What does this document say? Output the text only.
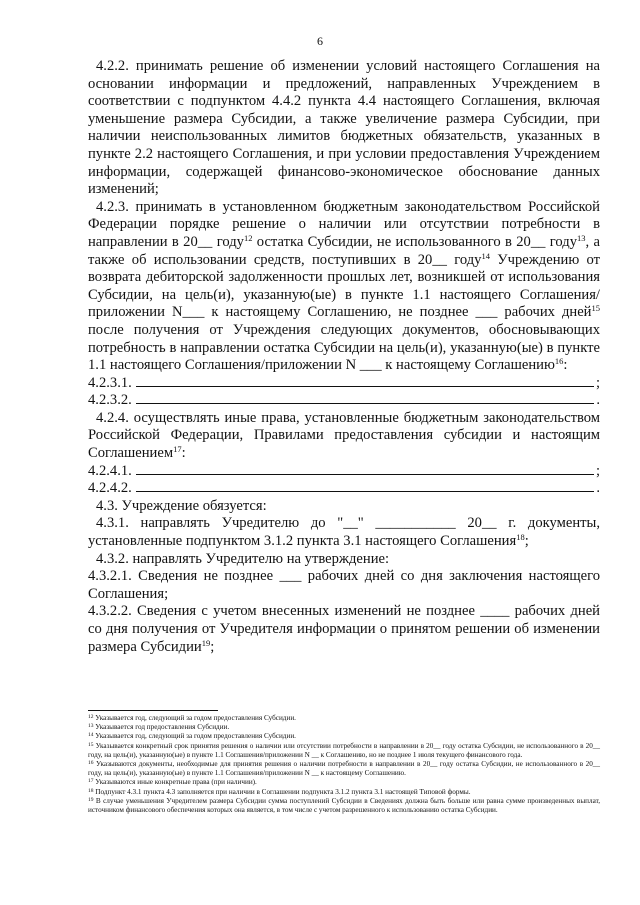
6

4.2.2. принимать решение об изменении условий настоящего Соглашения на основании информации и предложений, направленных Учреждением в соответствии с подпунктом 4.4.2 пункта 4.4 настоящего Соглашения, включая уменьшение размера Субсидии, а также увеличение размера Субсидии, при наличии неиспользованных лимитов бюджетных обязательств, указанных в пункте 2.2 настоящего Соглашения, и при условии предоставления Учреждением информации, содержащей финансово-экономическое обоснование данных изменений;

4.2.3. принимать в установленном бюджетным законодательством Российской Федерации порядке решение о наличии или отсутствии потребности в направлении в 20__ году$^{12}$ остатка Субсидии, не использованного в 20__ году$^{13}$, а также об использовании средств, поступивших в 20__ году$^{14}$ Учреждению от возврата дебиторской задолженности прошлых лет, возникшей от использования Субсидии, на цель(и), указанную(ые) в пункте 1.1 настоящего Соглашения/приложении N___ к настоящему Соглашению, не позднее ___ рабочих дней$^{15}$ после получения от Учреждения следующих документов, обосновывающих потребность в направлении остатка Субсидии на цель(и), указанную(ые) в пункте 1.1 настоящего Соглашения/приложении N ___ к настоящему Соглашению$^{16}$:

4.2.3.1.	;
4.2.3.2.	.

4.2.4. осуществлять иные права, установленные бюджетным законодательством Российской Федерации, Правилами предоставления субсидии и настоящим Соглашением$^{17}$:

4.2.4.1.	;
4.2.4.2.	.

4.3. Учреждение обязуется:

4.3.1. направлять Учредителю до "__" ___________ 20__ г. документы, установленные подпунктом 3.1.2 пункта 3.1 настоящего Соглашения$^{18}$;

4.3.2. направлять Учредителю на утверждение:

4.3.2.1. Сведения не позднее ___ рабочих дней со дня заключения настоящего Соглашения;

4.3.2.2. Сведения с учетом внесенных изменений не позднее ____ рабочих дней со дня получения от Учредителя информации о принятом решении об изменении размера Субсидии$^{19}$;

$^{12}$ Указывается год, следующий за годом предоставления Субсидии.

$^{13}$ Указывается год предоставления Субсидии.

$^{14}$ Указывается год, следующий за годом предоставления Субсидии.

$^{15}$ Указывается конкретный срок принятия решения о наличии или отсутствии потребности в направлении в 20__ году остатка Субсидии, не использованного в 20__ году, на цель(и), указанную(ые) в пункте 1.1 Соглашения/приложении N __ к Соглашению, но не позднее 1 июля текущего финансового года.

$^{16}$ Указываются документы, необходимые для принятия решения о наличии потребности в направлении в 20__ году остатка Субсидии, не использованного в 20__ году, на цель(и), указанную(ые) в пункте 1.1 Соглашения/приложении N __ к настоящему Соглашению.

$^{17}$ Указываются иные конкретные права (при наличии).

$^{18}$ Подпункт 4.3.1 пункта 4.3 заполняется при наличии в Соглашении подпункта 3.1.2 пункта 3.1 настоящей Типовой формы.

$^{19}$ В случае уменьшения Учредителем размера Субсидии сумма поступлений Субсидии в Сведениях должна быть больше или равна сумме произведенных выплат, источником финансового обеспечения которых она является, в том числе с учетом разрешенного к использованию остатка Субсидии.
